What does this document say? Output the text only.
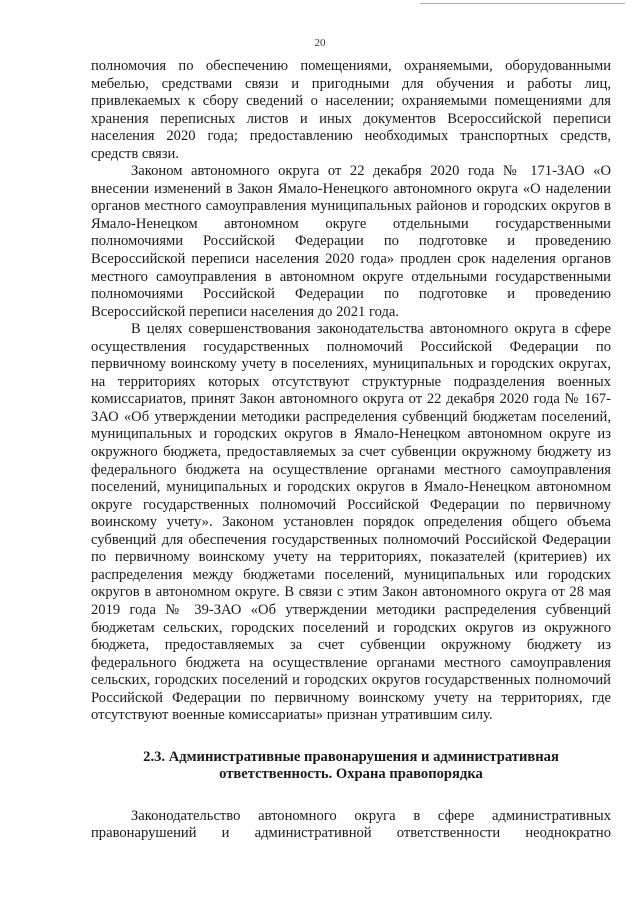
20

полномочия по обеспечению помещениями, охраняемыми, оборудованными мебелью, средствами связи и пригодными для обучения и работы лиц, привлекаемых к сбору сведений о населении; охраняемыми помещениями для хранения переписных листов и иных документов Всероссийской переписи населения 2020 года; предоставлению необходимых транспортных средств, средств связи.

Законом автономного округа от 22 декабря 2020 года № 171-ЗАО «О внесении изменений в Закон Ямало-Ненецкого автономного округа «О наделении органов местного самоуправления муниципальных районов и городских округов в Ямало-Ненецком автономном округе отдельными государственными полномочиями Российской Федерации по подготовке и проведению Всероссийской переписи населения 2020 года» продлен срок наделения органов местного самоуправления в автономном округе отдельными государственными полномочиями Российской Федерации по подготовке и проведению Всероссийской переписи населения до 2021 года.

В целях совершенствования законодательства автономного округа в сфере осуществления государственных полномочий Российской Федерации по первичному воинскому учету в поселениях, муниципальных и городских округах, на территориях которых отсутствуют структурные подразделения военных комиссариатов, принят Закон автономного округа от 22 декабря 2020 года № 167-ЗАО «Об утверждении методики распределения субвенций бюджетам поселений, муниципальных и городских округов в Ямало-Ненецком автономном округе из окружного бюджета, предоставляемых за счет субвенции окружному бюджету из федерального бюджета на осуществление органами местного самоуправления поселений, муниципальных и городских округов в Ямало-Ненецком автономном округе государственных полномочий Российской Федерации по первичному воинскому учету». Законом установлен порядок определения общего объема субвенций для обеспечения государственных полномочий Российской Федерации по первичному воинскому учету на территориях, показателей (критериев) их распределения между бюджетами поселений, муниципальных или городских округов в автономном округе. В связи с этим Закон автономного округа от 28 мая 2019 года № 39-ЗАО «Об утверждении методики распределения субвенций бюджетам сельских, городских поселений и городских округов из окружного бюджета, предоставляемых за счет субвенции окружному бюджету из федерального бюджета на осуществление органами местного самоуправления сельских, городских поселений и городских округов государственных полномочий Российской Федерации по первичному воинскому учету на территориях, где отсутствуют военные комиссариаты» признан утратившим силу.

2.3. Административные правонарушения и административная
ответственность. Охрана правопорядка

Законодательство автономного округа в сфере административных правонарушений и административной ответственности неоднократно
